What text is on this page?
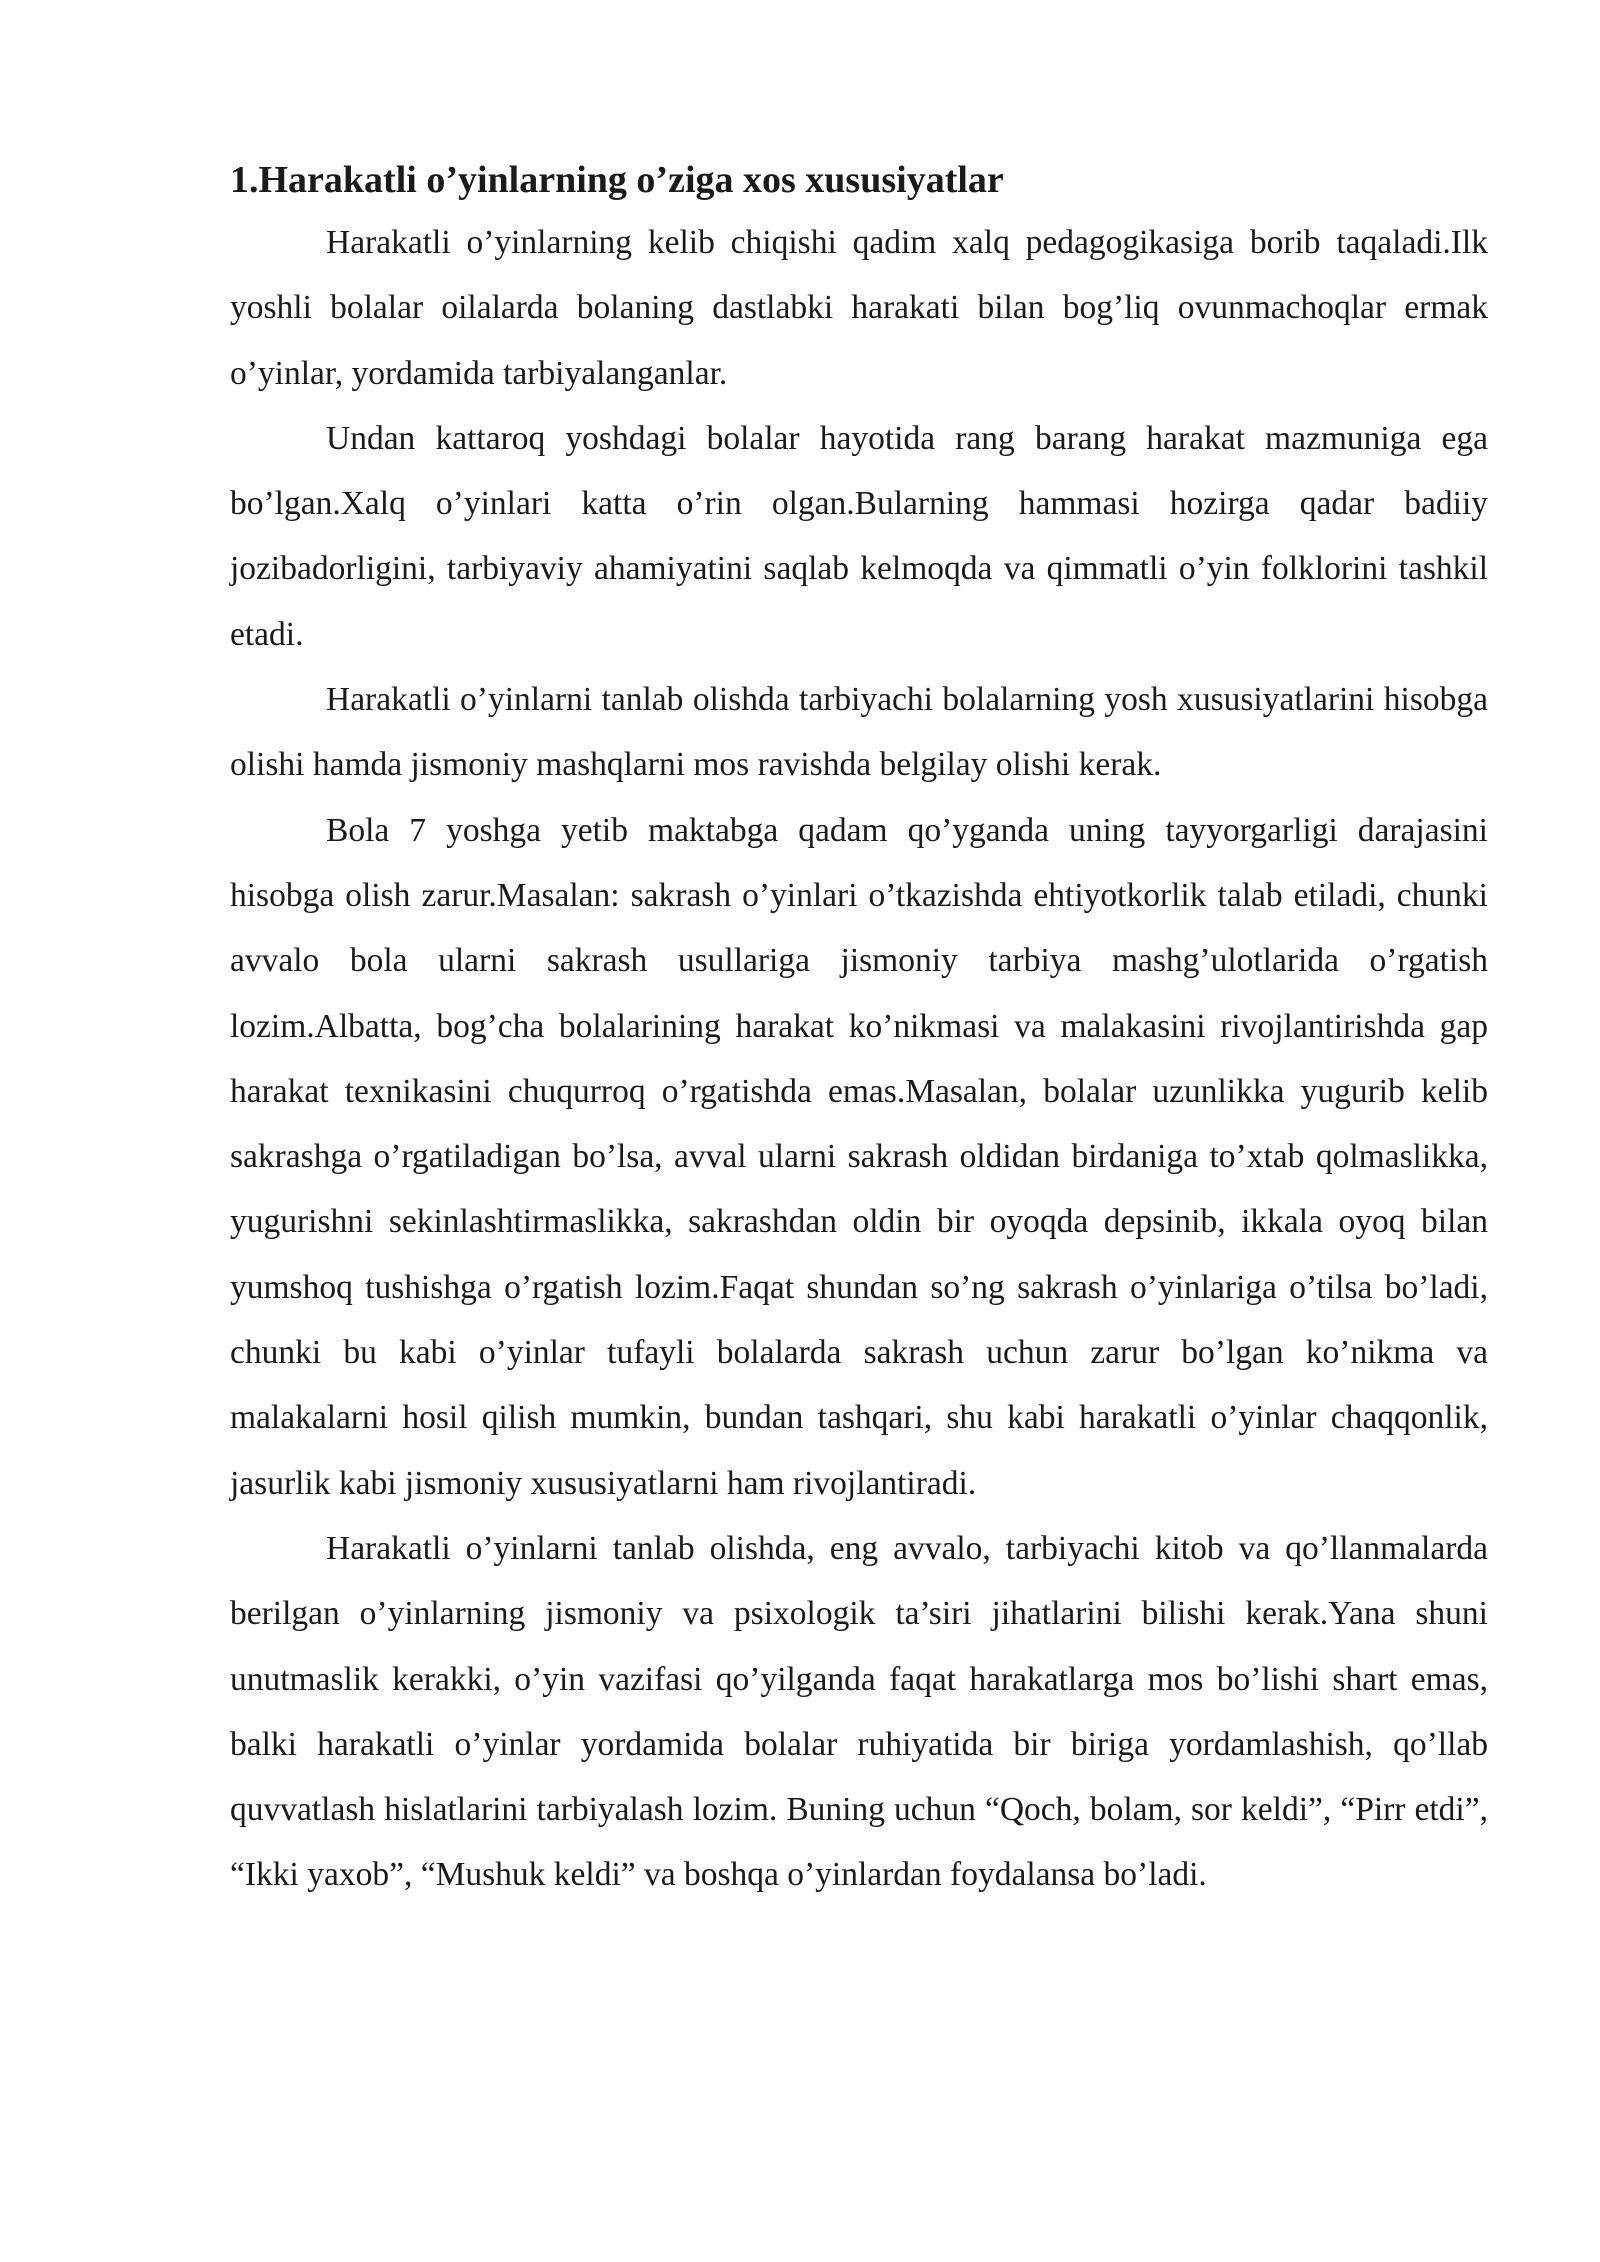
1.Harakatli o’yinlarning o’ziga xos xususiyatlar

Harakatli o’yinlarning kelib chiqishi qadim xalq pedagogikasiga borib taqaladi.Ilk yoshli bolalar oilalarda bolaning dastlabki harakati bilan bog’liq ovunmachoqlar ermak o’yinlar, yordamida tarbiyalanganlar.

Undan kattaroq yoshdagi bolalar hayotida rang barang harakat mazmuniga ega bo’lgan.Xalq o’yinlari katta o’rin olgan.Bularning hammasi hozirga qadar badiiy jozibadorligini, tarbiyaviy ahamiyatini saqlab kelmoqda va qimmatli o’yin folklorini tashkil etadi.

Harakatli o’yinlarni tanlab olishda tarbiyachi bolalarning yosh xususiyatlarini hisobga olishi hamda jismoniy mashqlarni mos ravishda belgilay olishi kerak.

Bola 7 yoshga yetib maktabga qadam qo’yganda uning tayyorgarligi darajasini hisobga olish zarur.Masalan: sakrash o’yinlari o’tkazishda ehtiyotkorlik talab etiladi, chunki avvalo bola ularni sakrash usullariga jismoniy tarbiya mashg’ulotlarida o’rgatish lozim.Albatta, bog’cha bolalarining harakat ko’nikmasi va malakasini rivojlantirishda gap harakat texnikasini chuqurroq o’rgatishda emas.Masalan, bolalar uzunlikka yugurib kelib sakrashga o’rgatiladigan bo’lsa, avval ularni sakrash oldidan birdaniga to’xtab qolmaslikka, yugurishni sekinlashtirmaslikka, sakrashdan oldin bir oyoqda depsinib, ikkala oyoq bilan yumshoq tushishga o’rgatish lozim.Faqat shundan so’ng sakrash o’yinlariga o’tilsa bo’ladi, chunki bu kabi o’yinlar tufayli bolalarda sakrash uchun zarur bo’lgan ko’nikma va malakalarni hosil qilish mumkin, bundan tashqari, shu kabi harakatli o’yinlar chaqqonlik, jasurlik kabi jismoniy xususiyatlarni ham rivojlantiradi.

Harakatli o’yinlarni tanlab olishda, eng avvalo, tarbiyachi kitob va qo’llanmalarda berilgan o’yinlarning jismoniy va psixologik ta’siri jihatlarini bilishi kerak.Yana shuni unutmaslik kerakki, o’yin vazifasi qo’yilganda faqat harakatlarga mos bo’lishi shart emas, balki harakatli o’yinlar yordamida bolalar ruhiyatida bir biriga yordamlashish, qo’llab quvvatlash hislatlarini tarbiyalash lozim. Buning uchun “Qoch, bolam, sor keldi”, “Pirr etdi”, “Ikki yaxob”, “Mushuk keldi” va boshqa o’yinlardan foydalansa bo’ladi.
